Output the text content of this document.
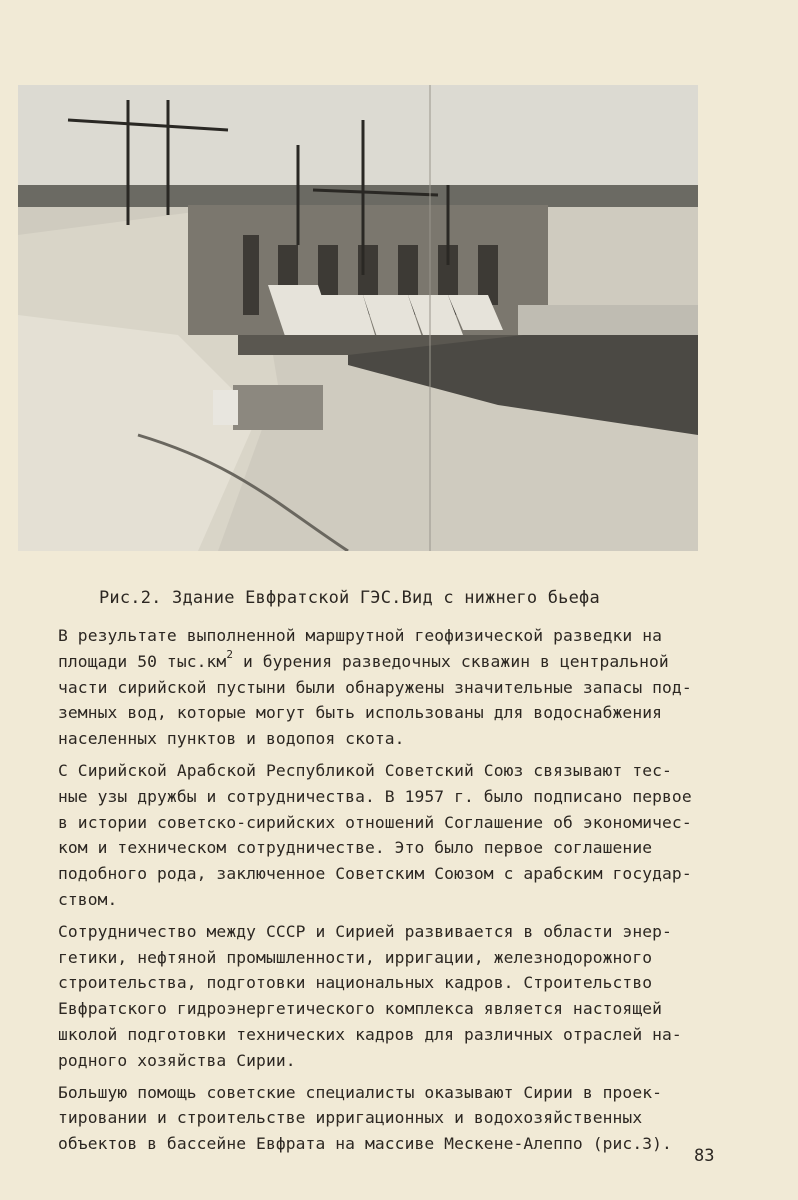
Рис.2. Здание Евфратской ГЭС.Вид с нижнего бьефа

В результате выполненной маршрутной геофизической разведки на
площади 50 $тыс.км^2$ и бурения разведочных скважин в центральной
части сирийской пустыни были обнаружены значительные запасы под-
земных вод, которые могут быть использованы для водоснабжения
населенных пунктов и водопоя скота.

С Сирийской Арабской Республикой Советский Союз связывают тес-
ные узы дружбы и сотрудничества. В 1957 г. было подписано первое
в истории советско-сирийских отношений Соглашение об экономичес-
ком и техническом сотрудничестве. Это было первое соглашение
подобного рода, заключенное Советским Союзом с арабским государ-
ством.

Сотрудничество между СССР и Сирией развивается в области энер-
гетики, нефтяной промышленности, ирригации, железнодорожного
строительства, подготовки национальных кадров. Строительство
Евфратского гидроэнергетического комплекса является настоящей
школой подготовки технических кадров для различных отраслей на-
родного хозяйства Сирии.

Большую помощь советские специалисты оказывают Сирии в проек-
тировании и строительстве ирригационных и водохозяйственных
объектов в бассейне Евфрата на массиве Мескене-Алеппо (рис.3).

83
